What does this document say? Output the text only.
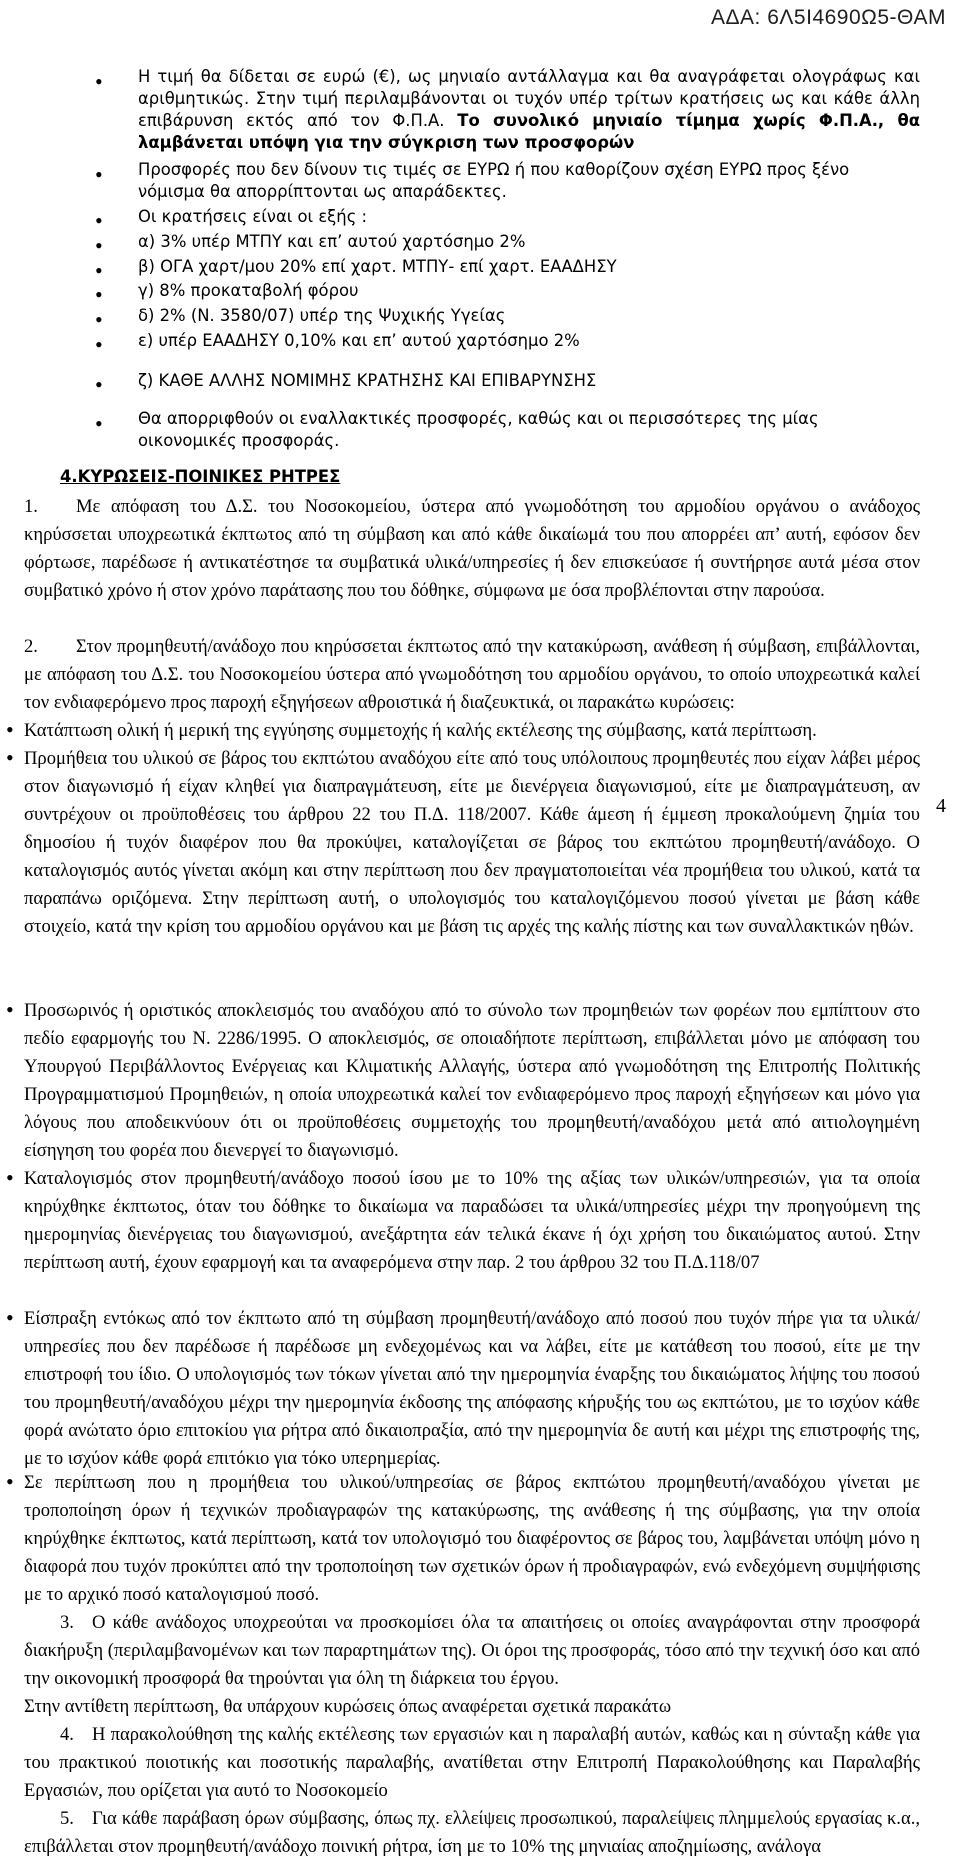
ΑΔΑ: 6Λ5Ι4690Ω5-ΘΑΜ
• Η τιμή θα δίδεται σε ευρώ (€), ως μηνιαίο αντάλλαγμα και θα αναγράφεται ολογράφως και αριθμητικώς. Στην τιμή περιλαμβάνονται οι τυχόν υπέρ τρίτων κρατήσεις ως και κάθε άλλη επιβάρυνση εκτός από τον Φ.Π.Α. Το συνολικό μηνιαίο τίμημα χωρίς Φ.Π.Α., θα λαμβάνεται υπόψη για την σύγκριση των προσφορών
• Προσφορές που δεν δίνουν τις τιμές σε ΕΥΡΩ ή που καθορίζουν σχέση ΕΥΡΩ προς ξένο νόμισμα θα απορρίπτονται ως απαράδεκτες.
• Οι κρατήσεις είναι οι εξής :
• α) 3% υπέρ ΜΤΠΥ και επ’ αυτού χαρτόσημο 2%
• β) ΟΓΑ χαρτ/μου 20% επί χαρτ. ΜΤΠΥ- επί χαρτ. ΕΑΑΔΗΣΥ
• γ) 8% προκαταβολή φόρου
• δ) 2% (Ν. 3580/07) υπέρ της Ψυχικής Υγείας
• ε) υπέρ ΕΑΑΔΗΣΥ 0,10% και επ’ αυτού χαρτόσημο 2%
• ζ) ΚΑΘΕ ΑΛΛΗΣ ΝΟΜΙΜΗΣ ΚΡΑΤΗΣΗΣ ΚΑΙ ΕΠΙΒΑΡΥΝΣΗΣ
• Θα απορριφθούν οι εναλλακτικές προσφορές, καθώς και οι περισσότερες της μίας οικονομικές προσφοράς.
4.ΚΥΡΩΣΕΙΣ-ΠΟΙΝΙΚΕΣ ΡΗΤΡΕΣ
1. Με απόφαση του Δ.Σ. του Νοσοκομείου, ύστερα από γνωμοδότηση του αρμοδίου οργάνου ο ανάδοχος κηρύσσεται υποχρεωτικά έκπτωτος από τη σύμβαση και από κάθε δικαίωμά του που απορρέει απ’ αυτή, εφόσον δεν φόρτωσε, παρέδωσε ή αντικατέστησε τα συμβατικά υλικά/υπηρεσίες ή δεν επισκεύασε ή συντήρησε αυτά μέσα στον συμβατικό χρόνο ή στον χρόνο παράτασης που του δόθηκε, σύμφωνα με όσα προβλέπονται στην παρούσα.
2. Στον προμηθευτή/ανάδοχο που κηρύσσεται έκπτωτος από την κατακύρωση, ανάθεση ή σύμβαση, επιβάλλονται, με απόφαση του Δ.Σ. του Νοσοκομείου ύστερα από γνωμοδότηση του αρμοδίου οργάνου, το οποίο υποχρεωτικά καλεί τον ενδιαφερόμενο προς παροχή εξηγήσεων αθροιστικά ή διαζευκτικά, οι παρακάτω κυρώσεις:
• Κατάπτωση ολική ή μερική της εγγύησης συμμετοχής ή καλής εκτέλεσης της σύμβασης, κατά περίπτωση.
• Προμήθεια του υλικού σε βάρος του εκπτώτου αναδόχου είτε από τους υπόλοιπους προμηθευτές που είχαν λάβει μέρος στον διαγωνισμό ή είχαν κληθεί για διαπραγμάτευση, είτε με διενέργεια διαγωνισμού, είτε με διαπραγμάτευση, αν συντρέχουν οι προϋποθέσεις του άρθρου 22 του Π.Δ. 118/2007. Κάθε άμεση ή έμμεση προκαλούμενη ζημία του δημοσίου ή τυχόν διαφέρον που θα προκύψει, καταλογίζεται σε βάρος του εκπτώτου προμηθευτή/ανάδοχο. Ο καταλογισμός αυτός γίνεται ακόμη και στην περίπτωση που δεν πραγματοποιείται νέα προμήθεια του υλικού, κατά τα παραπάνω οριζόμενα. Στην περίπτωση αυτή, ο υπολογισμός του καταλογιζόμενου ποσού γίνεται με βάση κάθε στοιχείο, κατά την κρίση του αρμοδίου οργάνου και με βάση τις αρχές της καλής πίστης και των συναλλακτικών ηθών.
• Προσωρινός ή οριστικός αποκλεισμός του αναδόχου από το σύνολο των προμηθειών των φορέων που εμπίπτουν στο πεδίο εφαρμογής του Ν. 2286/1995. Ο αποκλεισμός, σε οποιαδήποτε περίπτωση, επιβάλλεται μόνο με απόφαση του Υπουργού Περιβάλλοντος Ενέργειας και Κλιματικής Αλλαγής, ύστερα από γνωμοδότηση της Επιτροπής Πολιτικής Προγραμματισμού Προμηθειών, η οποία υποχρεωτικά καλεί τον ενδιαφερόμενο προς παροχή εξηγήσεων και μόνο για λόγους που αποδεικνύουν ότι οι προϋποθέσεις συμμετοχής του προμηθευτή/αναδόχου μετά από αιτιολογημένη είσηγηση του φορέα που διενεργεί το διαγωνισμό.
• Καταλογισμός στον προμηθευτή/ανάδοχο ποσού ίσου με το 10% της αξίας των υλικών/υπηρεσιών, για τα οποία κηρύχθηκε έκπτωτος, όταν του δόθηκε το δικαίωμα να παραδώσει τα υλικά/υπηρεσίες μέχρι την προηγούμενη της ημερομηνίας διενέργειας του διαγωνισμού, ανεξάρτητα εάν τελικά έκανε ή όχι χρήση του δικαιώματος αυτού. Στην περίπτωση αυτή, έχουν εφαρμογή και τα αναφερόμενα στην παρ. 2 του άρθρου 32 του Π.Δ.118/07
• Είσπραξη εντόκως από τον έκπτωτο από τη σύμβαση προμηθευτή/ανάδοχο από ποσού που τυχόν πήρε για τα υλικά/υπηρεσίες που δεν παρέδωσε ή παρέδωσε μη ενδεχομένως και να λάβει, είτε με κατάθεση του ποσού, είτε με την επιστροφή του ίδιο. Ο υπολογισμός των τόκων γίνεται από την ημερομηνία έναρξης του δικαιώματος λήψης του ποσού του προμηθευτή/αναδόχου μέχρι την ημερομηνία έκδοσης της απόφασης κήρυξής του ως εκπτώτου, με το ισχύον κάθε φορά ανώτατο όριο επιτοκίου για ρήτρα από δικαιοπραξία, από την ημερομηνία δε αυτή και μέχρι της επιστροφής της, με το ισχύον κάθε φορά επιτόκιο για τόκο υπερημερίας.
• Σε περίπτωση που η προμήθεια του υλικού/υπηρεσίας σε βάρος εκπτώτου προμηθευτή/αναδόχου γίνεται με τροποποίηση όρων ή τεχνικών προδιαγραφών της κατακύρωσης, της ανάθεσης ή της σύμβασης, για την οποία κηρύχθηκε έκπτωτος, κατά περίπτωση, κατά τον υπολογισμό του διαφέροντος σε βάρος του, λαμβάνεται υπόψη μόνο η διαφορά που τυχόν προκύπτει από την τροποποίηση των σχετικών όρων ή προδιαγραφών, ενώ ενδεχόμενη συμψήφισης με το αρχικό ποσό καταλογισμού ποσό.
4
3. Ο κάθε ανάδοχος υποχρεούται να προσκομίσει όλα τα απαιτήσεις οι οποίες αναγράφονται στην προσφορά διακήρυξη (περιλαμβανομένων και των παραρτημάτων της). Οι όροι της προσφοράς, τόσο από την τεχνική όσο και από την οικονομική προσφορά θα τηρούνται για όλη τη διάρκεια του έργου.
Στην αντίθετη περίπτωση, θα υπάρχουν κυρώσεις όπως αναφέρεται σχετικά παρακάτω
4. Η παρακολούθηση της καλής εκτέλεσης των εργασιών και η παραλαβή αυτών, καθώς και η σύνταξη κάθε για του πρακτικού ποιοτικής και ποσοτικής παραλαβής, ανατίθεται στην Επιτροπή Παρακολούθησης και Παραλαβής Εργασιών, που ορίζεται για αυτό το Νοσοκομείο
5. Για κάθε παράβαση όρων σύμβασης, όπως πχ. ελλείψεις προσωπικού, παραλείψεις πλημμελούς εργασίας κ.α., επιβάλλεται στον προμηθευτή/ανάδοχο ποινική ρήτρα, ίση με το 10% της μηνιαίας αποζημίωσης, ανάλογα
